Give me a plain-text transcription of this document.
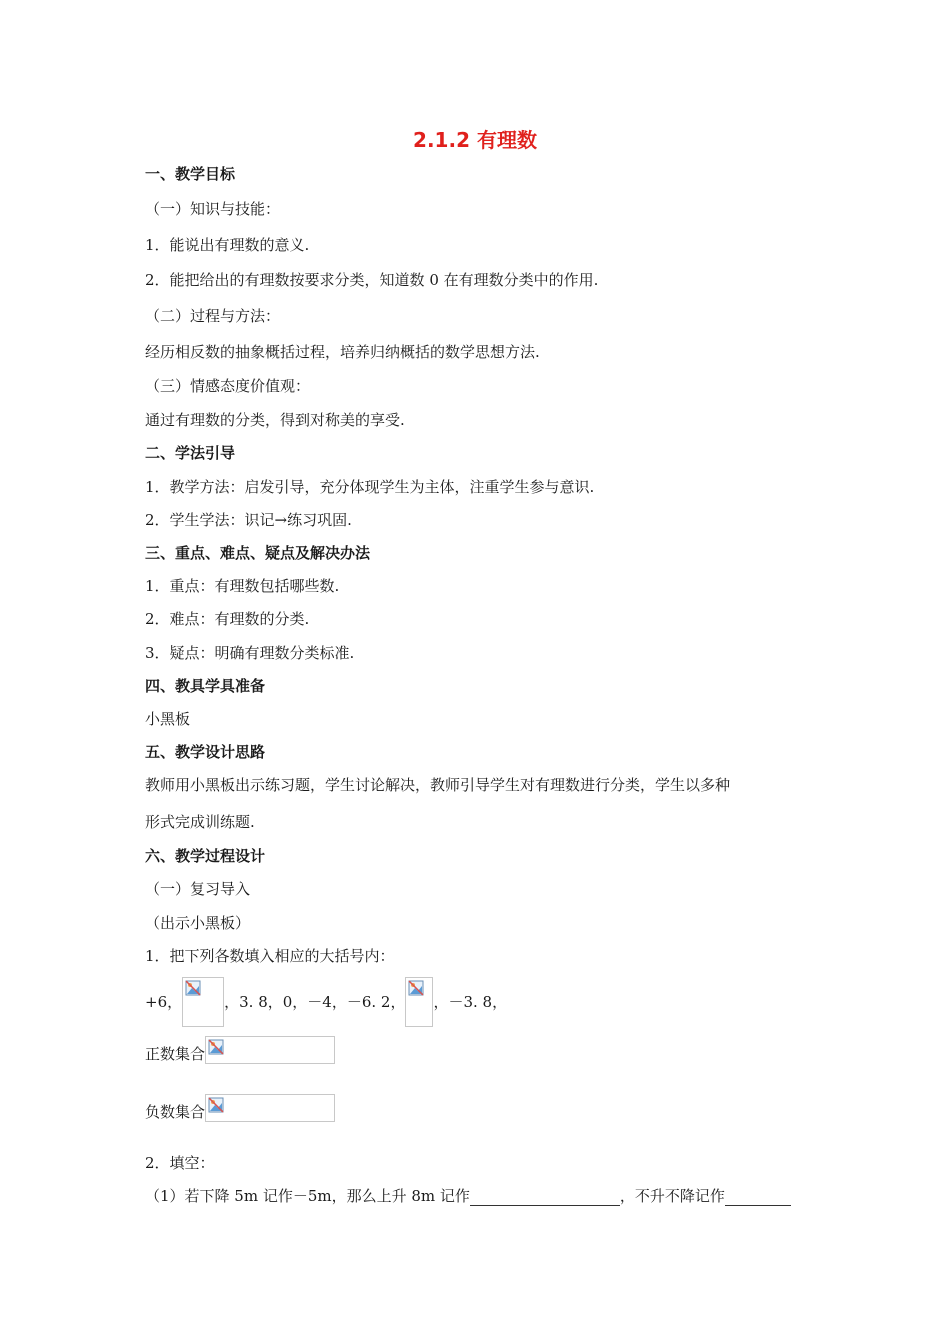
2.1.2 有理数
一、教学目标
（一）知识与技能：
1．能说出有理数的意义.
2．能把给出的有理数按要求分类，知道数 0 在有理数分类中的作用.
（二）过程与方法：
经历相反数的抽象概括过程，培养归纳概括的数学思想方法.
（三）情感态度价值观：
通过有理数的分类，得到对称美的享受.
二、学法引导
1．教学方法：启发引导，充分体现学生为主体，注重学生参与意识.
2．学生学法：识记→练习巩固.
三、重点、难点、疑点及解决办法
1．重点：有理数包括哪些数.
2．难点：有理数的分类.
3．疑点：明确有理数分类标准.
四、教具学具准备
小黑板
五、教学设计思路
教师用小黑板出示练习题，学生讨论解决，教师引导学生对有理数进行分类，学生以多种
形式完成训练题.
六、教学过程设计
（一）复习导入
（出示小黑板）
1．把下列各数填入相应的大括号内：
+6，	，3. 8，0，－4，－6. 2， ，－3. 8，
正数集合
负数集合
2．填空：
（1）若下降 5m 记作－5m，那么上升 8m 记作	，不升不降记作
